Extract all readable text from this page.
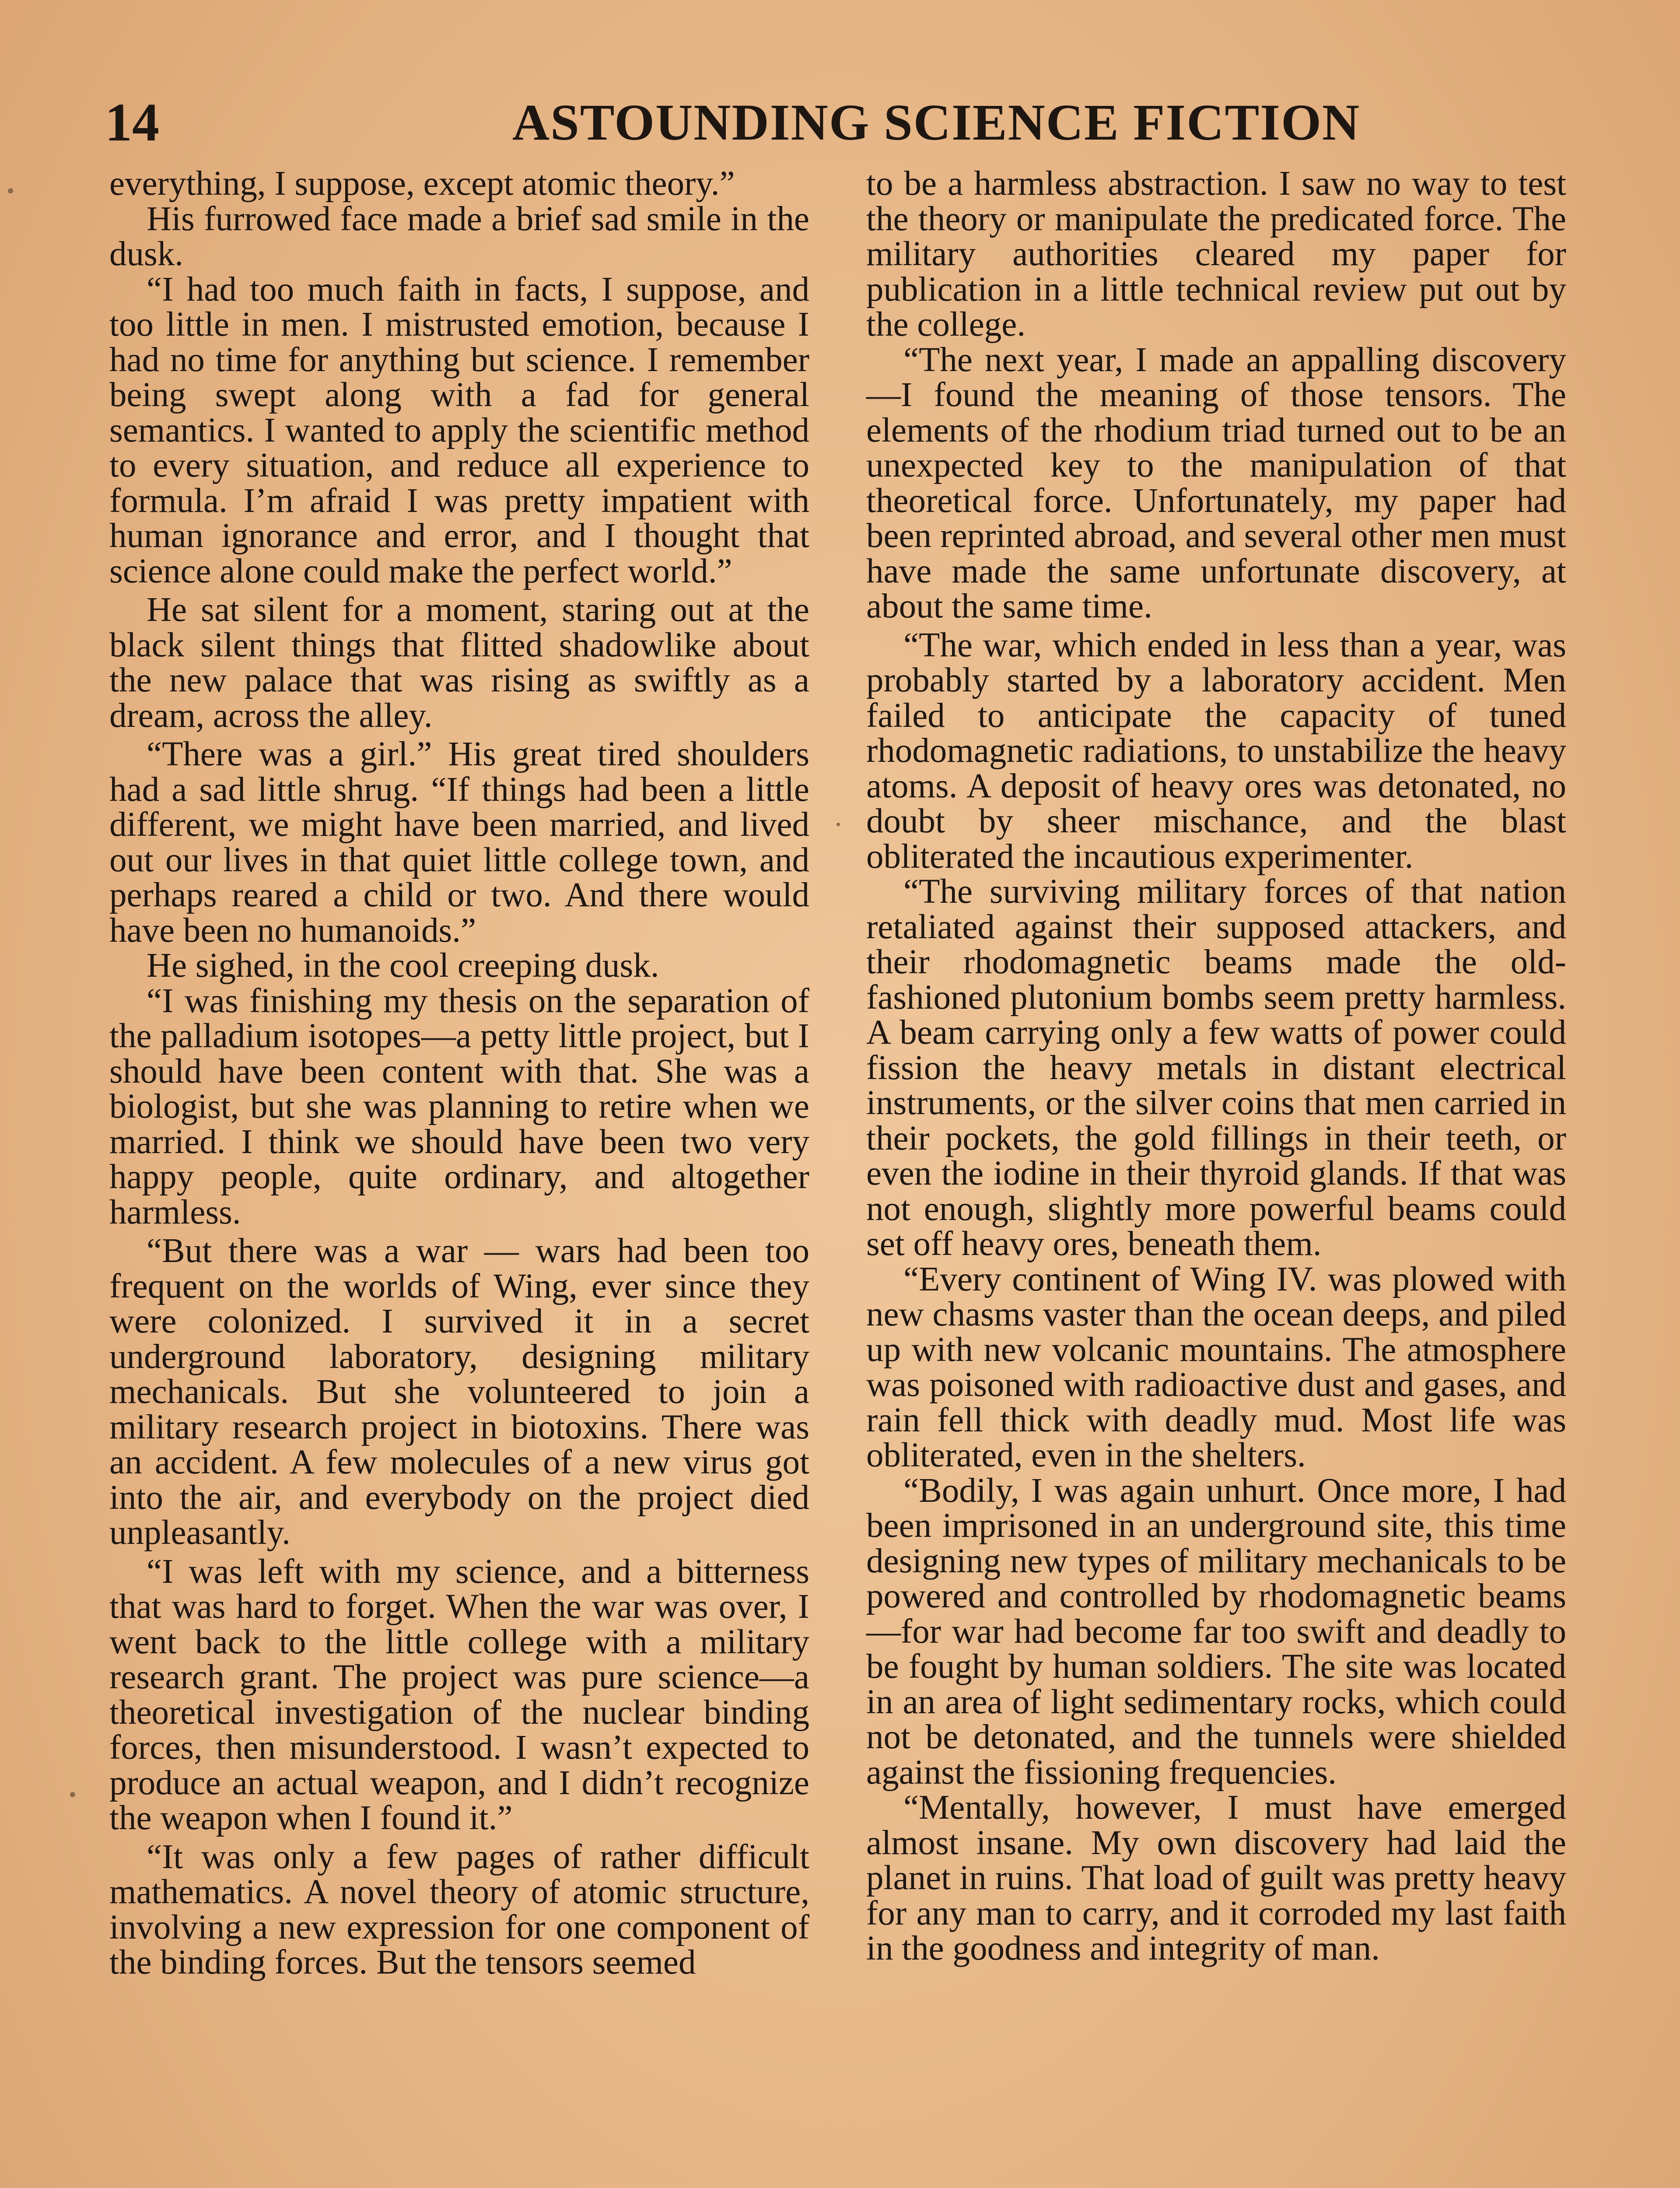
14	ASTOUNDING SCIENCE FICTION

everything, I suppose, except atomic theory.”

His furrowed face made a brief sad smile in the dusk.

“I had too much faith in facts, I suppose, and too little in men. I mistrusted emotion, because I had no time for anything but science. I remember being swept along with a fad for general semantics. I wanted to apply the scientific method to every situation, and reduce all experience to formula. I’m afraid I was pretty impatient with human ignorance and error, and I thought that science alone could make the perfect world.”

He sat silent for a moment, staring out at the black silent things that flitted shadowlike about the new palace that was rising as swiftly as a dream, across the alley.

“There was a girl.” His great tired shoulders had a sad little shrug. “If things had been a little different, we might have been married, and lived out our lives in that quiet little college town, and perhaps reared a child or two. And there would have been no humanoids.”

He sighed, in the cool creeping dusk.

“I was finishing my thesis on the separation of the palladium isotopes—a petty little project, but I should have been content with that. She was a biologist, but she was planning to retire when we married. I think we should have been two very happy people, quite ordinary, and altogether harmless.

“But there was a war — wars had been too frequent on the worlds of Wing, ever since they were colonized. I survived it in a secret underground laboratory, designing military mechanicals. But she volunteered to join a military research project in biotoxins. There was an accident. A few molecules of a new virus got into the air, and everybody on the project died unpleasantly.

“I was left with my science, and a bitterness that was hard to forget. When the war was over, I went back to the little college with a military research grant. The project was pure science—a theoretical investigation of the nuclear binding forces, then misunderstood. I wasn’t expected to produce an actual weapon, and I didn’t recognize the weapon when I found it.”

“It was only a few pages of rather difficult mathematics. A novel theory of atomic structure, involving a new expression for one component of the binding forces. But the tensors seemed

to be a harmless abstraction. I saw no way to test the theory or manipulate the predicated force. The military authorities cleared my paper for publication in a little technical review put out by the college.

“The next year, I made an appalling discovery—I found the meaning of those tensors. The elements of the rhodium triad turned out to be an unexpected key to the manipulation of that theoretical force. Unfortunately, my paper had been reprinted abroad, and several other men must have made the same unfortunate discovery, at about the same time.

“The war, which ended in less than a year, was probably started by a laboratory accident. Men failed to anticipate the capacity of tuned rhodomagnetic radiations, to unstabilize the heavy atoms. A deposit of heavy ores was detonated, no doubt by sheer mischance, and the blast obliterated the incautious experimenter.

“The surviving military forces of that nation retaliated against their supposed attackers, and their rhodomagnetic beams made the old-fashioned plutonium bombs seem pretty harmless. A beam carrying only a few watts of power could fission the heavy metals in distant electrical instruments, or the silver coins that men carried in their pockets, the gold fillings in their teeth, or even the iodine in their thyroid glands. If that was not enough, slightly more powerful beams could set off heavy ores, beneath them.

“Every continent of Wing IV. was plowed with new chasms vaster than the ocean deeps, and piled up with new volcanic mountains. The atmosphere was poisoned with radioactive dust and gases, and rain fell thick with deadly mud. Most life was obliterated, even in the shelters.

“Bodily, I was again unhurt. Once more, I had been imprisoned in an underground site, this time designing new types of military mechanicals to be powered and controlled by rhodomagnetic beams —for war had become far too swift and deadly to be fought by human soldiers. The site was located in an area of light sedimentary rocks, which could not be detonated, and the tunnels were shielded against the fissioning frequencies.

“Mentally, however, I must have emerged almost insane. My own discovery had laid the planet in ruins. That load of guilt was pretty heavy for any man to carry, and it corroded my last faith in the goodness and integrity of man.
